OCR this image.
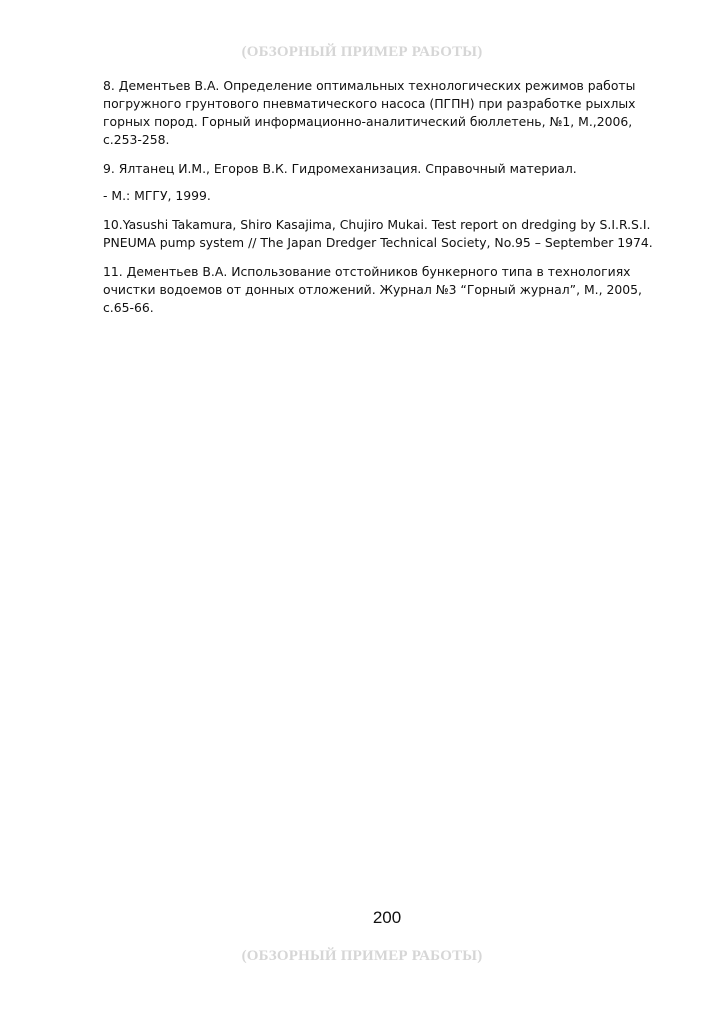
(ОБЗОРНЫЙ ПРИМЕР РАБОТЫ)

8. Дементьев В.А. Определение оптимальных технологических режимов работы погружного грунтового пневматического насоса (ПГПН) при разработке рыхлых горных пород. Горный информационно-аналитический бюллетень, №1, М.,2006, с.253-258.

9. Ялтанец И.М., Егоров В.К. Гидромеханизация. Справочный материал.

- М.: МГГУ, 1999.

10.Yasushi Takamura, Shiro Kasajima, Chujiro Mukai. Test report on dredging by S.I.R.S.I. PNEUMA pump system // The Japan Dredger Technical Society, No.95 – September 1974.

11. Дементьев В.А. Использование отстойников бункерного типа в технологиях очистки водоемов от донных отложений. Журнал №3 “Горный журнал”, М., 2005, с.65-66.

200
(ОБЗОРНЫЙ ПРИМЕР РАБОТЫ)
